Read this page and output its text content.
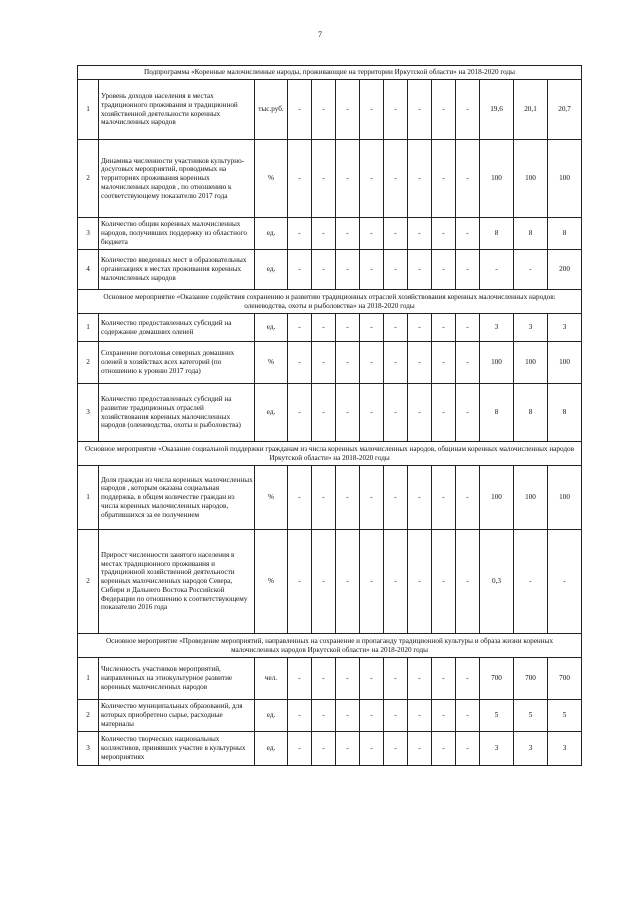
7
Подпрограмма «Коренные малочисленные народы, проживающие на территории Иркутской области» на 2018-2020 годы													
1	Уровень доходов населения в местах традиционного проживания и традиционной хозяйственной деятельности коренных малочисленных народов	тыс.руб.	-	-	-	-	-	-	-	-	19,6	20,1	20,7
2	Динамика численности участников культурно-досуговых мероприятий, проводимых на территориях проживания коренных малочисленных народов , по отношению к соответствующему показателю 2017 года	%	-	-	-	-	-	-	-	-	100	100	100
3	Количество общин коренных малочисленных народов, получивших поддержку из областного бюджета	ед.	-	-	-	-	-	-	-	-	8	8	8
4	Количество введенных мест в образовательных организациях в местах проживания коренных малочисленных народов	ед.	-	-	-	-	-	-	-	-	-	-	200
Основное мероприятие «Оказание содействия сохранению и развитию традиционных отраслей хозяйствования коренных малочисленных народов: оленеводства, охоты и рыболовства» на 2018-2020 годы													
1	Количество предоставленных субсидий на содержание домашних оленей	ед.	-	-	-	-	-	-	-	-	3	3	3
2	Сохранение поголовья северных домашних оленей в хозяйствах всех категорий (по отношению к уровню 2017 года)	%	-	-	-	-	-	-	-	-	100	100	100
3	Количество предоставленных субсидий на развитие традиционных отраслей хозяйствования коренных малочисленных народов (оленеводства, охоты и рыболовства)	ед.	-	-	-	-	-	-	-	-	8	8	8
Основное мероприятие «Оказание социальной поддержки гражданам из числа коренных малочисленных народов, общинам коренных малочисленных народов Иркутской области» на 2018-2020 годы													
1	Доля граждан из числа коренных малочисленных народов , которым оказана социальная поддержка, в общем количестве граждан из числа коренных малочисленных народов, обратившихся за ее получением	%	-	-	-	-	-	-	-	-	100	100	100
2	Прирост численности занятого населения в местах традиционного проживания и традиционной хозяйственной деятельности коренных малочисленных народов Севера, Сибири и Дальнего Востока Российской Федерации по отношению к соответствующему показателю 2016 года	%	-	-	-	-	-	-	-	-	0,3	-	-
Основное мероприятие «Проведение мероприятий, направленных на сохранение и пропаганду традиционной культуры и образа жизни коренных малочисленных народов Иркутской области» на 2018-2020 годы													
1	Численность участников мероприятий, направленных на этнокультурное развитие коренных малочисленных народов	чел.	-	-	-	-	-	-	-	-	700	700	700
2	Количество муниципальных образований, для которых приобретено сырье, расходные материалы	ед.	-	-	-	-	-	-	-	-	5	5	5
3	Количество творческих национальных коллективов, принявших участие в культурных мероприятиях	ед.	-	-	-	-	-	-	-	-	3	3	3
